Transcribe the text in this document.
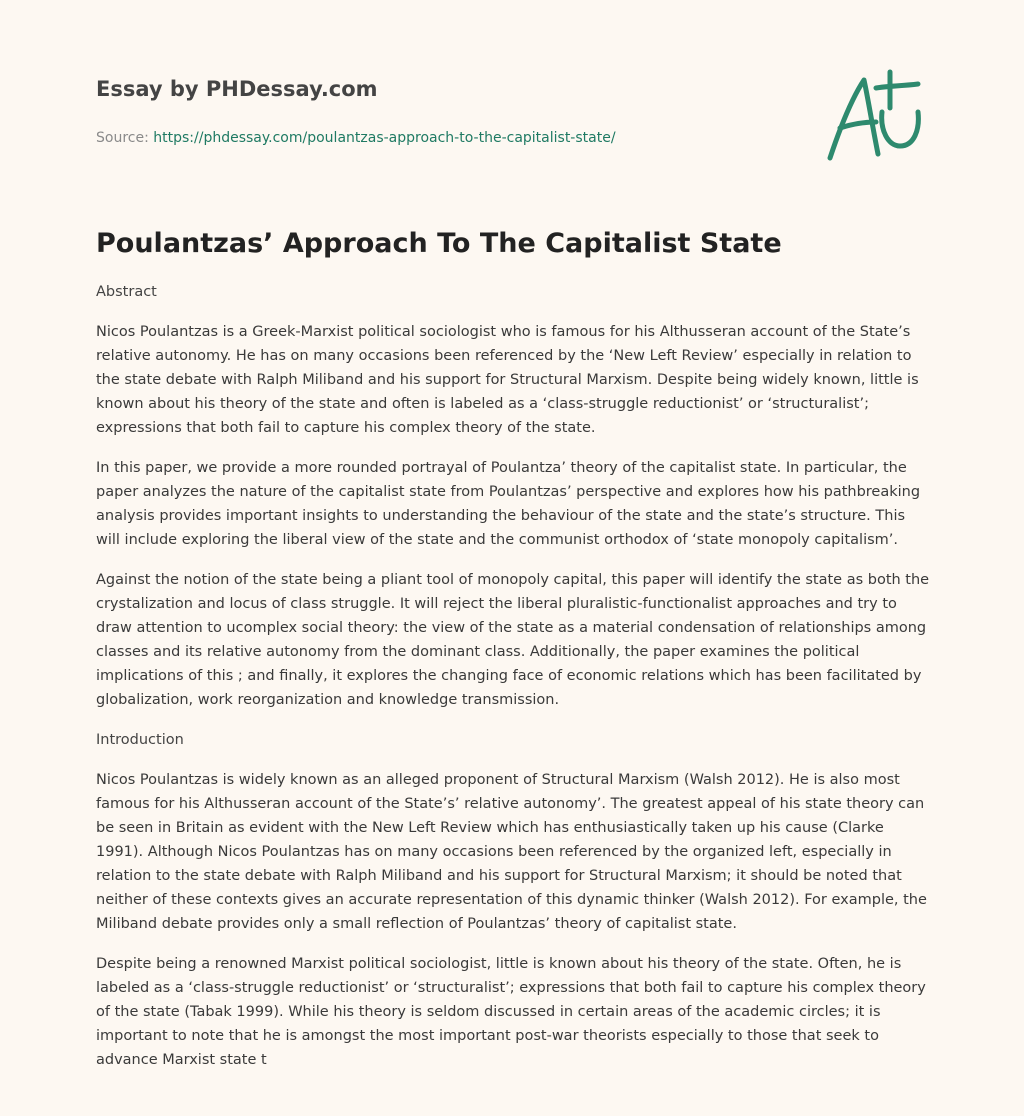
Essay by PHDessay.com
Source: https://phdessay.com/poulantzas-approach-to-the-capitalist-state/
Poulantzas’ Approach To The Capitalist State
Abstract

Nicos Poulantzas is a Greek-Marxist political sociologist who is famous for his Althusseran account of the State’s relative autonomy. He has on many occasions been referenced by the ‘New Left Review’ especially in relation to the state debate with Ralph Miliband and his support for Structural Marxism. Despite being widely known, little is known about his theory of the state and often is labeled as a ‘class-struggle reductionist’ or ‘structuralist’; expressions that both fail to capture his complex theory of the state.

In this paper, we provide a more rounded portrayal of Poulantza’ theory of the capitalist state. In particular, the paper analyzes the nature of the capitalist state from Poulantzas’ perspective and explores how his pathbreaking analysis provides important insights to understanding the behaviour of the state and the state’s structure. This will include exploring the liberal view of the state and the communist orthodox of ‘state monopoly capitalism’.

Against the notion of the state being a pliant tool of monopoly capital, this paper will identify the state as both the crystalization and locus of class struggle. It will reject the liberal pluralistic-functionalist approaches and try to draw attention to ucomplex social theory: the view of the state as a material condensation of relationships among classes and its relative autonomy from the dominant class. Additionally, the paper examines the political implications of this ; and finally, it explores the changing face of economic relations which has been facilitated by globalization, work reorganization and knowledge transmission.

Introduction

Nicos Poulantzas is widely known as an alleged proponent of Structural Marxism (Walsh 2012). He is also most famous for his Althusseran account of the State’s’ relative autonomy’. The greatest appeal of his state theory can be seen in Britain as evident with the New Left Review which has enthusiastically taken up his cause (Clarke 1991). Although Nicos Poulantzas has on many occasions been referenced by the organized left, especially in relation to the state debate with Ralph Miliband and his support for Structural Marxism; it should be noted that neither of these contexts gives an accurate representation of this dynamic thinker (Walsh 2012). For example, the Miliband debate provides only a small reflection of Poulantzas’ theory of capitalist state.

Despite being a renowned Marxist political sociologist, little is known about his theory of the state. Often, he is labeled as a ‘class-struggle reductionist’ or ‘structuralist’; expressions that both fail to capture his complex theory of the state (Tabak 1999). While his theory is seldom discussed in certain areas of the academic circles; it is important to note that he is amongst the most important post-war theorists especially to those that seek to advance Marxist state t
